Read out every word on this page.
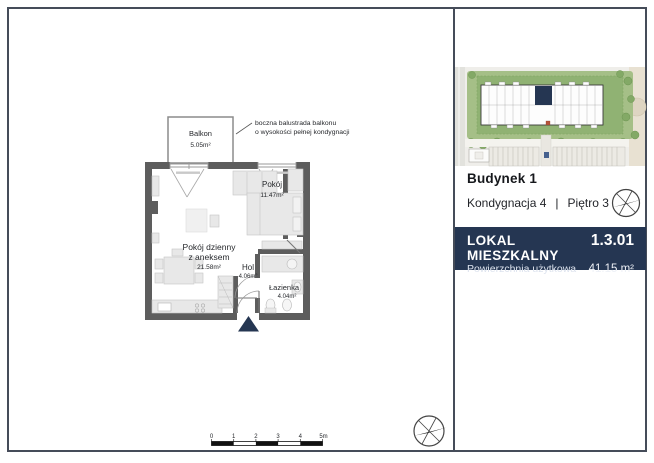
Balkon
5.05m²
boczna balustrada balkonu
o wysokości pełnej kondygnacji
Pokój
11.47m²
Pokój dzienny
z aneksem
21.58m²	Hol
4.06m²
Łazienka
4.04m²
0	1	2	3	4	5m
Budynek 1
Kondygnacja 4 | Piętro 3
LOKAL MIESZKALNY
1.3.01
Powierzchnia użytkowa 41.15 m²
